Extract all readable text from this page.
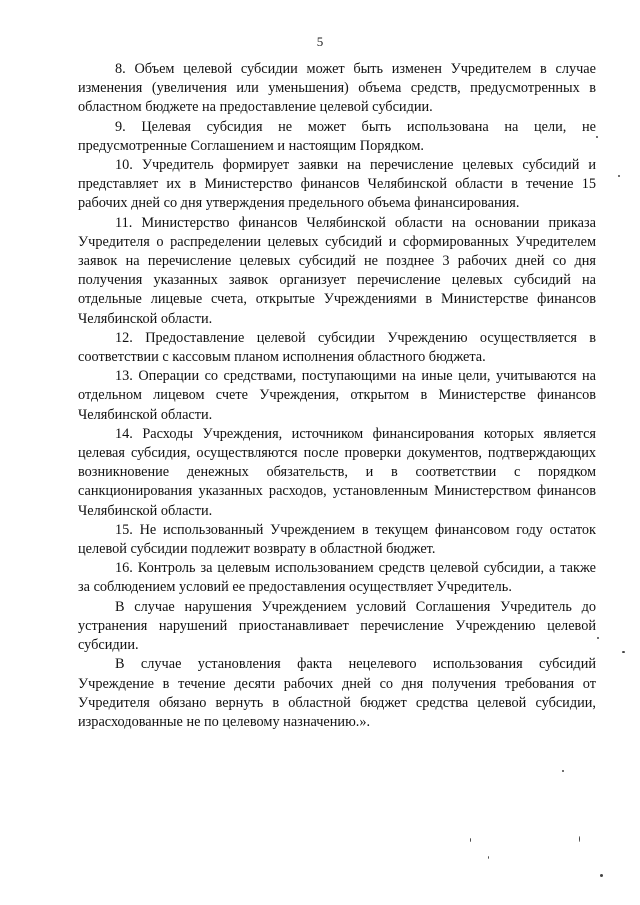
5

8. Объем целевой субсидии может быть изменен Учредителем в случае изменения (увеличения или уменьшения) объема средств, предусмотренных в областном бюджете на предоставление целевой субсидии.

9. Целевая субсидия не может быть использована на цели, не предусмотренные Соглашением и настоящим Порядком.

10. Учредитель формирует заявки на перечисление целевых субсидий и представляет их в Министерство финансов Челябинской области в течение 15 рабочих дней со дня утверждения предельного объема финансирования.

11. Министерство финансов Челябинской области на основании приказа Учредителя о распределении целевых субсидий и сформированных Учредителем заявок на перечисление целевых субсидий не позднее 3 рабочих дней со дня получения указанных заявок организует перечисление целевых субсидий на отдельные лицевые счета, открытые Учреждениями в Министерстве финансов Челябинской области.

12. Предоставление целевой субсидии Учреждению осуществляется в соответствии с кассовым планом исполнения областного бюджета.

13. Операции со средствами, поступающими на иные цели, учитываются на отдельном лицевом счете Учреждения, открытом в Министерстве финансов Челябинской области.

14. Расходы Учреждения, источником финансирования которых является целевая субсидия, осуществляются после проверки документов, подтверждающих возникновение денежных обязательств, и в соответствии с порядком санкционирования указанных расходов, установленным Министерством финансов Челябинской области.

15. Не использованный Учреждением в текущем финансовом году остаток целевой субсидии подлежит возврату в областной бюджет.

16. Контроль за целевым использованием средств целевой субсидии, а также за соблюдением условий ее предоставления осуществляет Учредитель.

В случае нарушения Учреждением условий Соглашения Учредитель до устранения нарушений приостанавливает перечисление Учреждению целевой субсидии.

В случае установления факта нецелевого использования субсидий Учреждение в течение десяти рабочих дней со дня получения требования от Учредителя обязано вернуть в областной бюджет средства целевой субсидии, израсходованные не по целевому назначению.».
